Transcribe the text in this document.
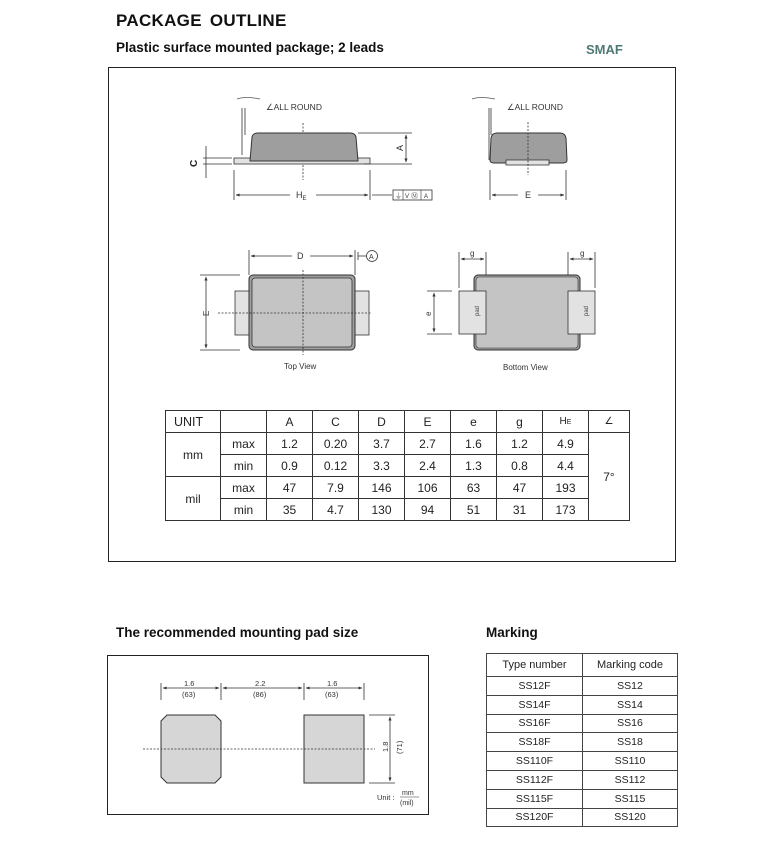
PACKAGE OUTLINE
Plastic surface mounted package; 2 leads	SMAF
∠ALL ROUND
A
C
$H_E$	⏚ V Ⓜ A
∠ALL ROUND
E
D	A
E
Top View
g	g
pad	pad
e
Bottom View
UNIT		A	C	D	E	e	g	HE	∠
mm	max	1.2	0.20	3.7	2.7	1.6	1.2	4.9	7°
	min	0.9	0.12	3.3	2.4	1.3	0.8	4.4	
mil	max	47	7.9	146	106	63	47	193	
	min	35	4.7	130	94	51	31	173	
The recommended mounting pad size
1.6
(63)
2.2
(86)
1.6
(63)
1.8 (71)
Unit : mm
(mil)
Marking
Type number	Marking code
SS12F	SS12
SS14F	SS14
SS16F	SS16
SS18F	SS18
SS110F	SS110
SS112F	SS112
SS115F	SS115
SS120F	SS120
